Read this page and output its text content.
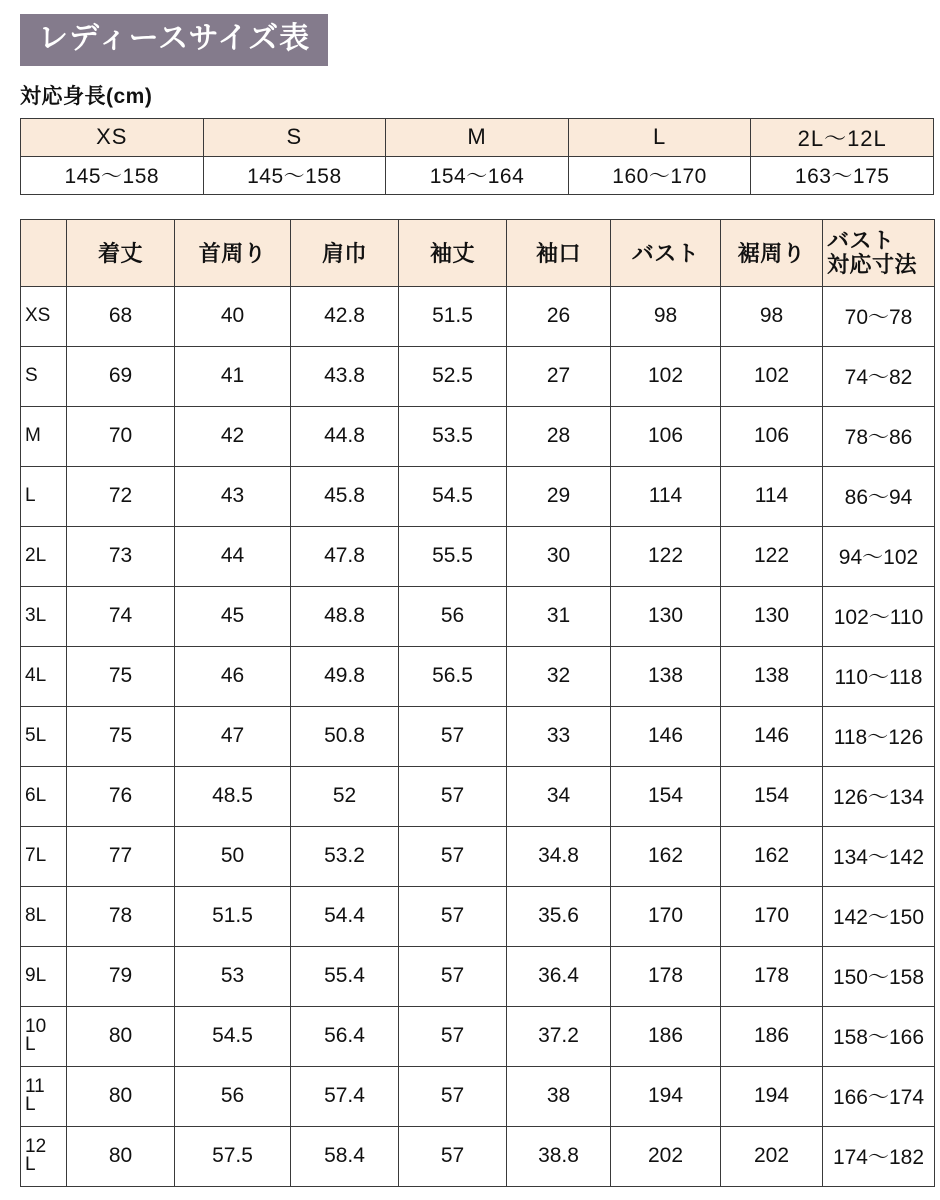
レディースサイズ表
対応身長(cm)
XS	S	M	L	2L〜12L
145〜158	145〜158	154〜164	160〜170	163〜175
	着丈	首周り	肩巾	袖丈	袖口	バスト	裾周り	バスト
対応寸法

XS	68	40	42.8	51.5	26	98	98	70〜78

S	69	41	43.8	52.5	27	102	102	74〜82

M	70	42	44.8	53.5	28	106	106	78〜86

L	72	43	45.8	54.5	29	114	114	86〜94

2L	73	44	47.8	55.5	30	122	122	94〜102

3L	74	45	48.8	56	31	130	130	102〜110

4L	75	46	49.8	56.5	32	138	138	110〜118

5L	75	47	50.8	57	33	146	146	118〜126

6L	76	48.5	52	57	34	154	154	126〜134

7L	77	50	53.2	57	34.8	162	162	134〜142

8L	78	51.5	54.4	57	35.6	170	170	142〜150

9L	79	53	55.4	57	36.4	178	178	150〜158

10L	80	54.5	56.4	57	37.2	186	186	158〜166

11L	80	56	57.4	57	38	194	194	166〜174

12L	80	57.5	58.4	57	38.8	202	202	174〜182
